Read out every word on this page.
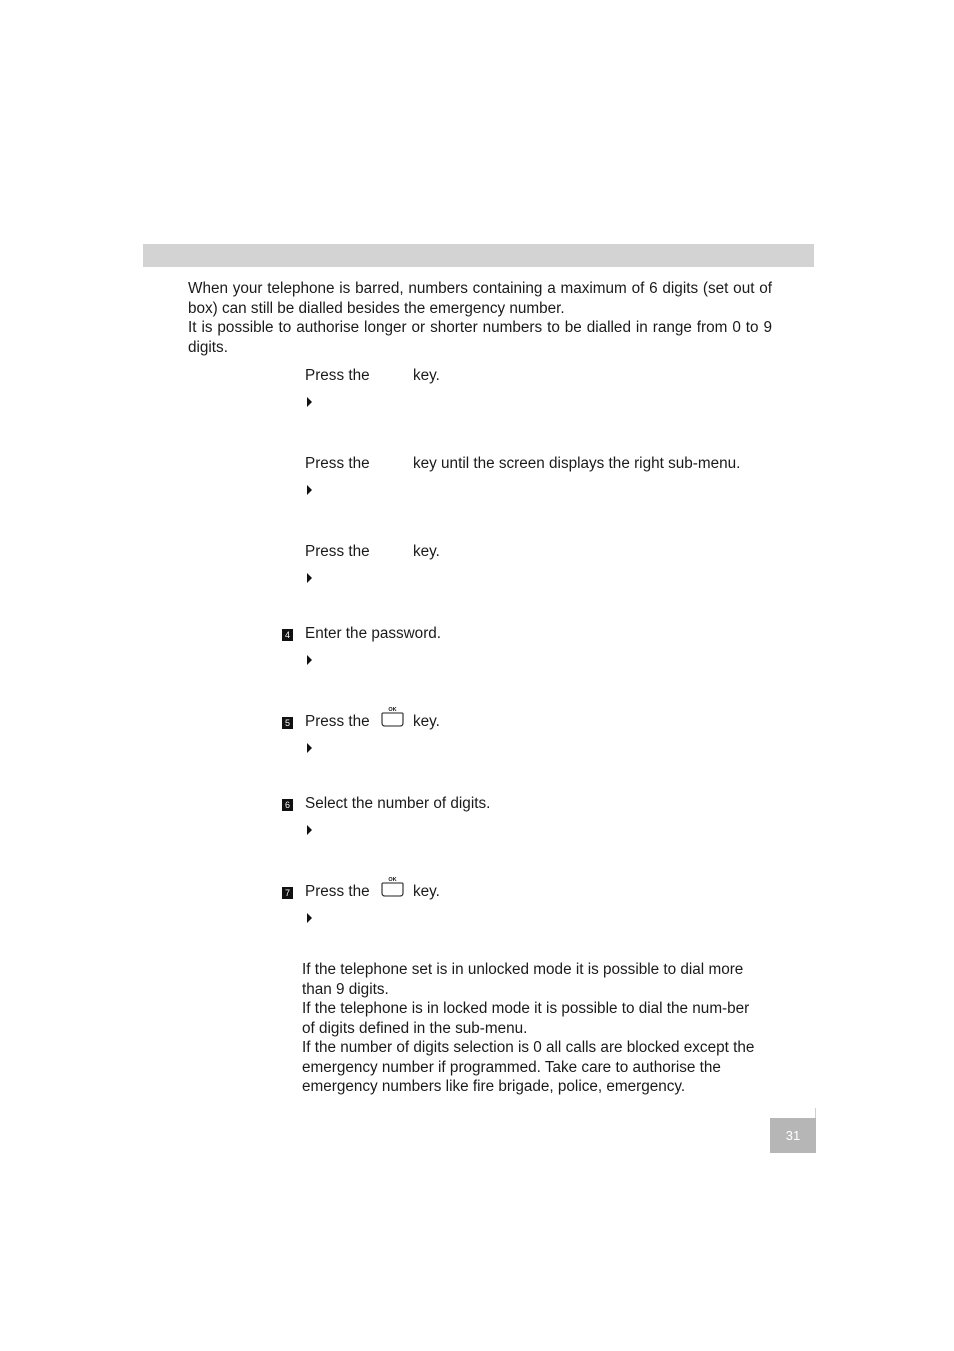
When your telephone is barred, numbers containing a maximum of 6 digits (set out of box) can still be dialled besides the emergency number.

It is possible to authorise longer or shorter numbers to be dialled in range from 0 to 9 digits.

Press the	key.
Press the	key until the screen displays the right sub-menu.
Press the	key.
4 Enter the password.
5 Press the
OK
key.
6 Select the number of digits.
7 Press the
OK
key.

If the telephone set is in unlocked mode it is possible to dial more than 9 digits.

If the telephone is in locked mode it is possible to dial the num-ber of digits defined in the sub-menu.

If the number of digits selection is 0 all calls are blocked except the emergency number if programmed. Take care to authorise the emergency numbers like fire brigade, police, emergency.

31
